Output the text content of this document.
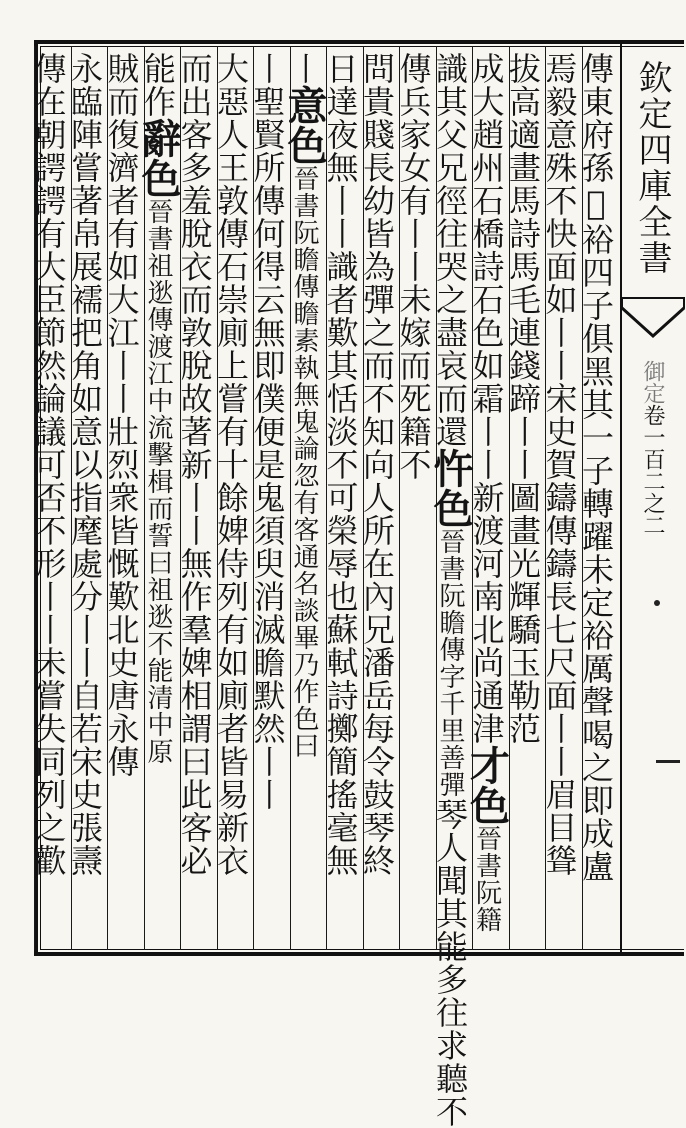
欽定四庫全書
御定卷一百二之二
傳東府孫𥘡裕四子俱黑其一子轉躍未定裕厲聲喝之即成盧
焉毅意殊不快面如丨丨宋史賀鑄傳鑄長七尺面丨丨眉目聳
拔高適畫馬詩馬毛連錢蹄丨丨圖畫光輝驕玉勒范
成大趙州石橋詩石色如霜丨丨新渡河南北尚通津才色晉書阮籍
識其父兄徑往哭之盡哀而還忤色晉書阮瞻傳字千里善彈琴人聞其能多往求聽不
傳兵家女有丨丨未嫁而死籍不
問貴賤長幼皆為彈之而不知向人所在內兄潘岳每令鼓琴終
日達夜無丨丨識者歎其恬淡不可榮辱也蘇軾詩擲簡搖毫無
丨意色晉書阮瞻傳瞻素執無鬼論忽有客通名談畢乃作色曰
丨聖賢所傳何得云無即僕便是鬼須臾消滅瞻默然丨丨
大惡人王敦傳石崇廁上嘗有十餘婢侍列有如廁者皆易新衣
而出客多羞脫衣而敦脫故著新丨丨無作羣婢相謂曰此客必
能作辭色晉書祖逖傳渡江中流擊楫而誓曰祖逖不能清中原
賊而復濟者有如大江丨丨壯烈衆皆慨歎北史唐永傳
永臨陣嘗著帛展襦把角如意以指麾處分丨丨自若宋史張燾
傳在朝諤諤有大臣節然論議可否不形丨丨未嘗失同列之歡
